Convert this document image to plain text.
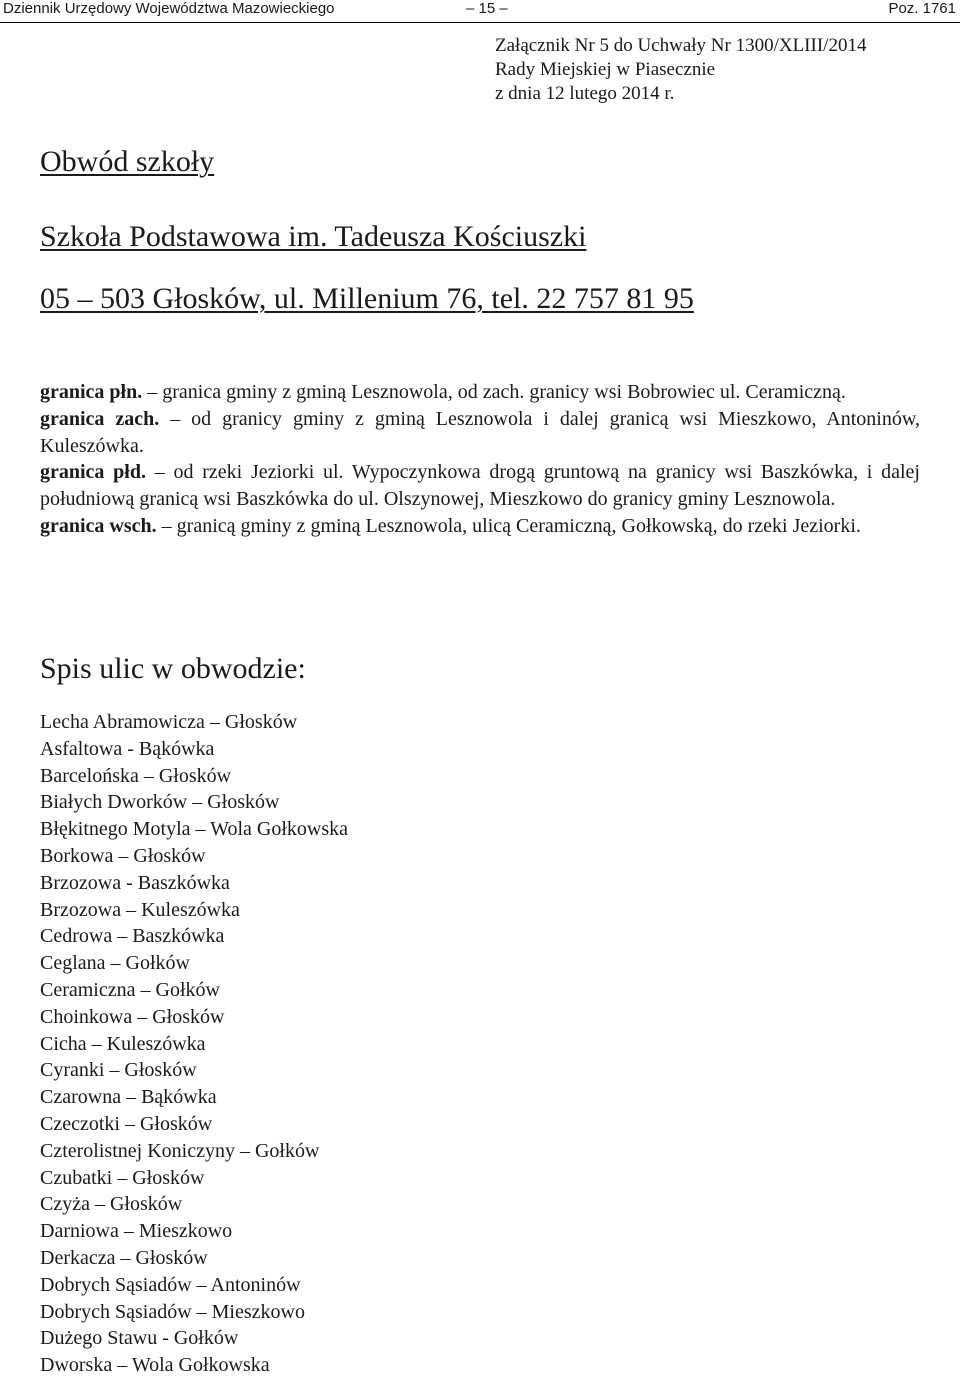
Dziennik Urzędowy Województwa Mazowieckiego	– 15 –	Poz. 1761
Załącznik Nr 5 do Uchwały Nr 1300/XLIII/2014
Rady Miejskiej w Piasecznie
z dnia 12 lutego 2014 r.
Obwód szkoły
Szkoła Podstawowa im. Tadeusza Kościuszki
05 – 503 Głosków, ul. Millenium 76, tel. 22 757 81 95

granica płn. – granica gminy z gminą Lesznowola, od zach. granicy wsi Bobrowiec ul. Ceramiczną.

granica zach. – od granicy gminy z gminą Lesznowola i dalej granicą wsi Mieszkowo, Antoninów, Kuleszówka.

granica płd. – od rzeki Jeziorki ul. Wypoczynkowa drogą gruntową na granicy wsi Baszkówka, i dalej południową granicą wsi Baszkówka do ul. Olszynowej, Mieszkowo do granicy gminy Lesznowola.

granica wsch. – granicą gminy z gminą Lesznowola, ulicą Ceramiczną, Gołkowską, do rzeki Jeziorki.

Spis ulic w obwodzie:
Lecha Abramowicza – Głosków
Asfaltowa - Bąkówka
Barcelońska – Głosków
Białych Dworków – Głosków
Błękitnego Motyla – Wola Gołkowska
Borkowa – Głosków
Brzozowa - Baszkówka
Brzozowa – Kuleszówka
Cedrowa – Baszkówka
Ceglana – Gołków
Ceramiczna – Gołków
Choinkowa – Głosków
Cicha – Kuleszówka
Cyranki – Głosków
Czarowna – Bąkówka
Czeczotki – Głosków
Czterolistnej Koniczyny – Gołków
Czubatki – Głosków
Czyża – Głosków
Darniowa – Mieszkowo
Derkacza – Głosków
Dobrych Sąsiadów – Antoninów
Dobrych Sąsiadów – Mieszkowo
Dużego Stawu - Gołków
Dworska – Wola Gołkowska
